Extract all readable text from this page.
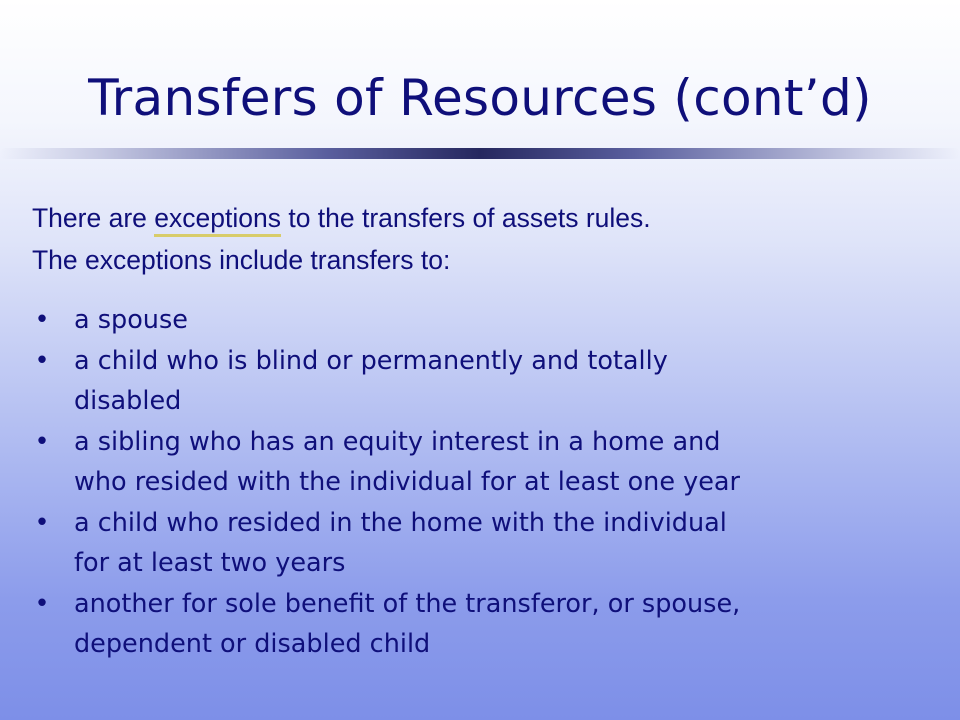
Transfers of Resources (cont’d)
There are exceptions to the transfers of assets rules.
The exceptions include transfers to:
• a spouse
• a child who is blind or permanently and totally
disabled
• a sibling who has an equity interest in a home and
who resided with the individual for at least one year
• a child who resided in the home with the individual
for at least two years
• another for sole benefit of the transferor, or spouse,
dependent or disabled child
